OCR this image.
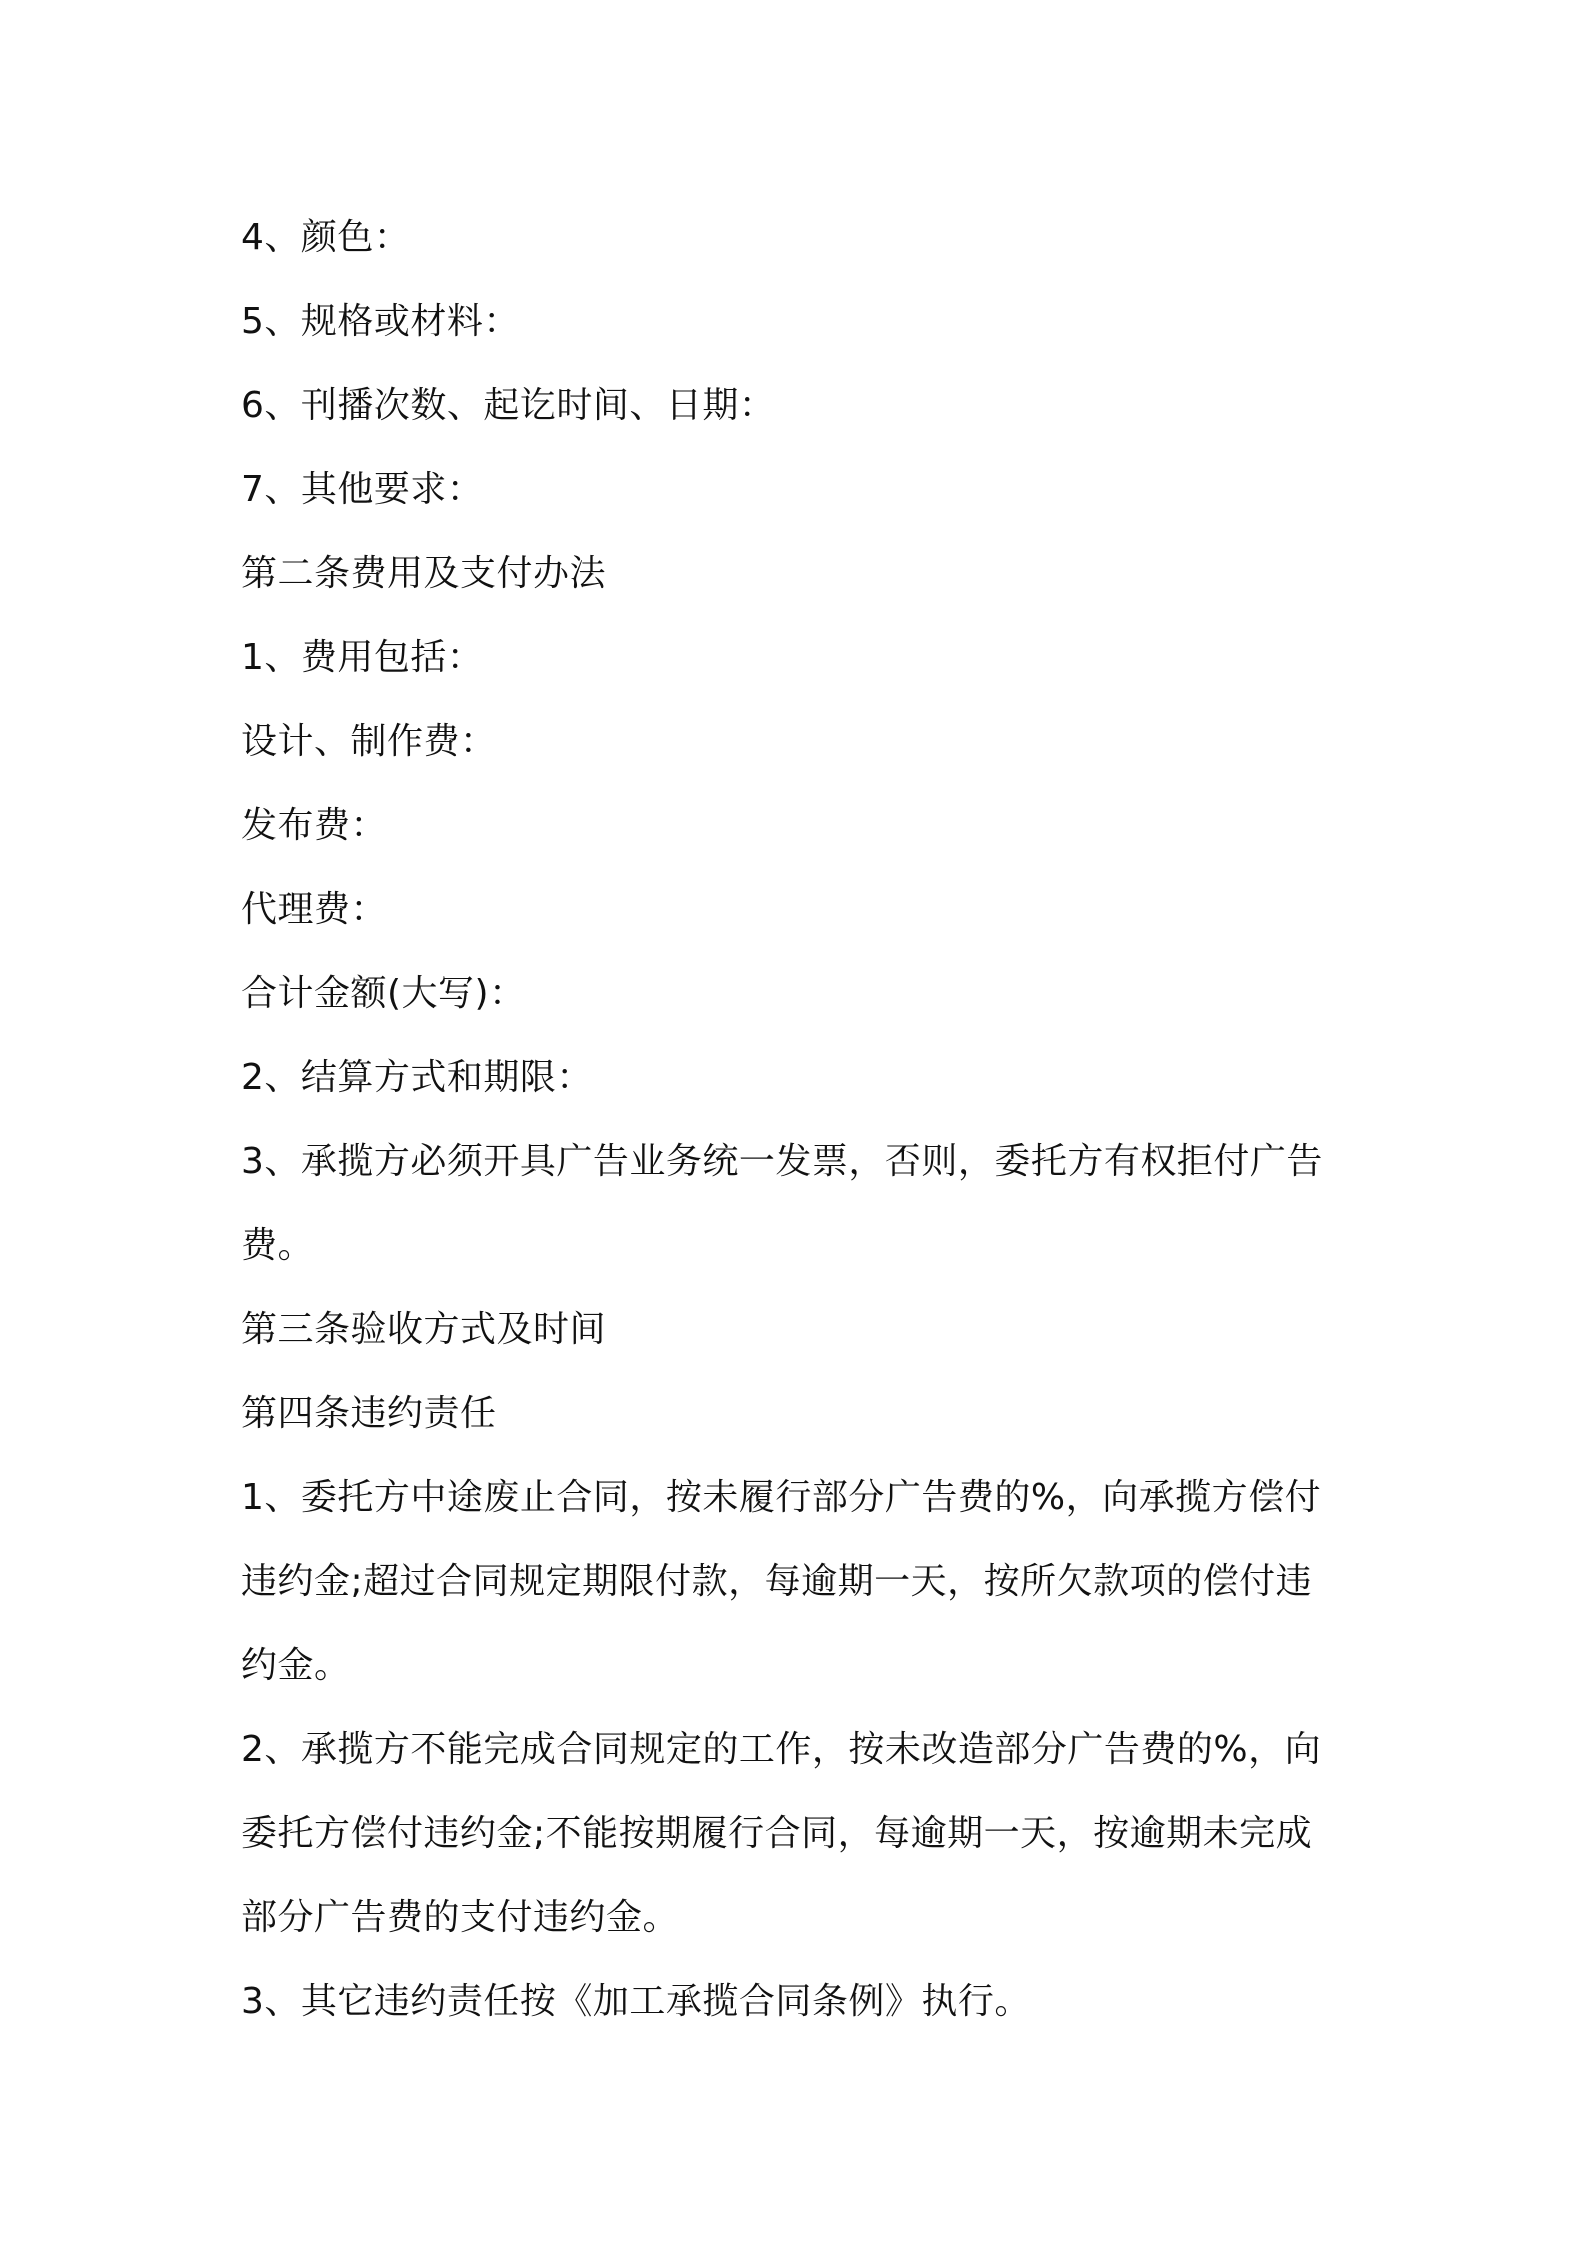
4、颜色：
5、规格或材料：
6、刊播次数、起讫时间、日期：
7、其他要求：
第二条费用及支付办法
1、费用包括：
设计、制作费：
发布费：
代理费：
合计金额(大写)：
2、结算方式和期限：
3、承揽方必须开具广告业务统一发票，否则，委托方有权拒付广告
费。
第三条验收方式及时间
第四条违约责任
1、委托方中途废止合同，按未履行部分广告费的%，向承揽方偿付
违约金;超过合同规定期限付款，每逾期一天，按所欠款项的偿付违
约金。
2、承揽方不能完成合同规定的工作，按未改造部分广告费的%，向
委托方偿付违约金;不能按期履行合同，每逾期一天，按逾期未完成
部分广告费的支付违约金。
3、其它违约责任按《加工承揽合同条例》执行。
